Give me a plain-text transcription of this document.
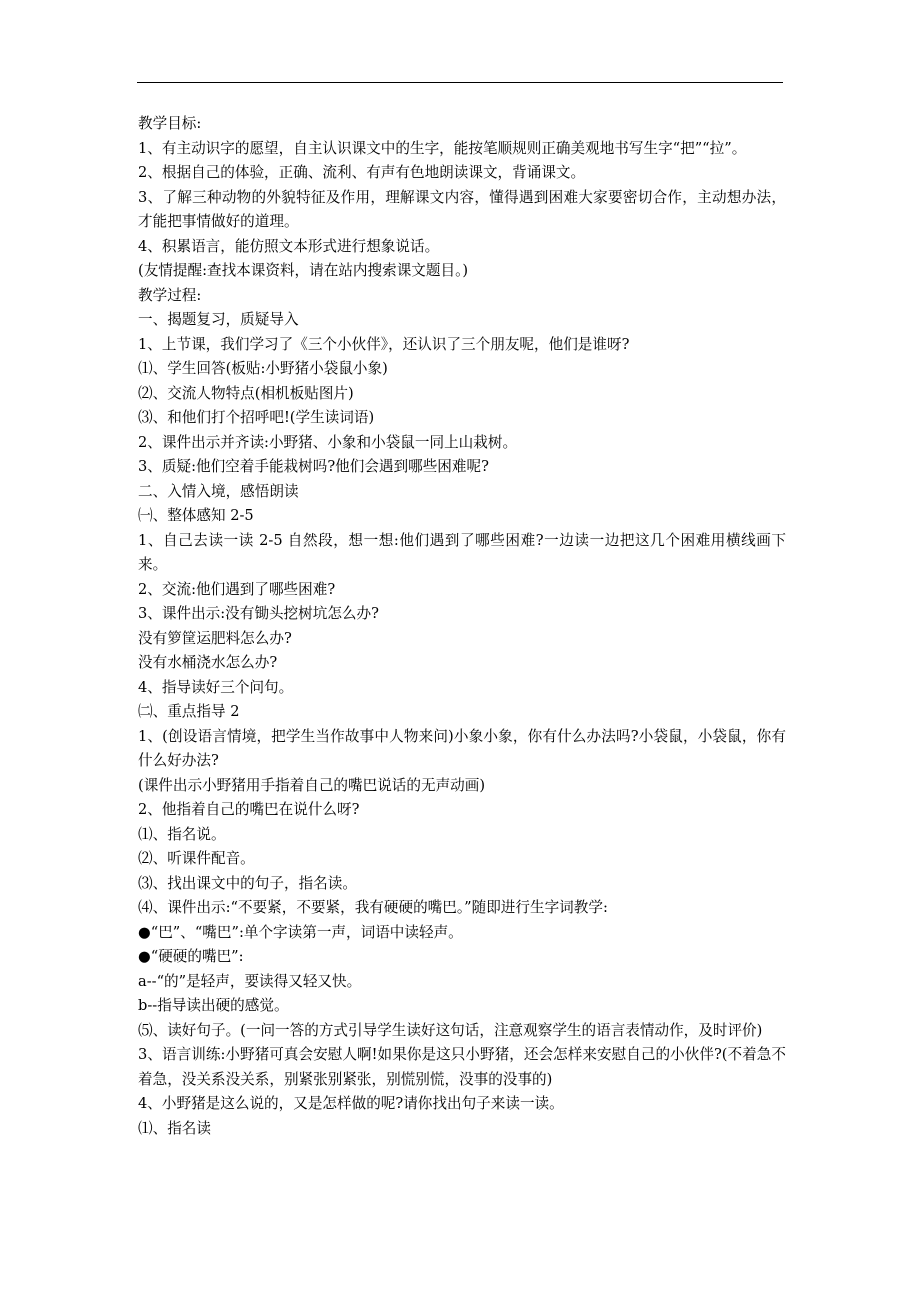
教学目标:

1、有主动识字的愿望，自主认识课文中的生字，能按笔顺规则正确美观地书写生字“把”“拉”。

2、根据自己的体验，正确、流利、有声有色地朗读课文，背诵课文。

3、了解三种动物的外貌特征及作用，理解课文内容，懂得遇到困难大家要密切合作，主动想办法，才能把事情做好的道理。

4、积累语言，能仿照文本形式进行想象说话。

(友情提醒:查找本课资料，请在站内搜索课文题目。)

教学过程:

一、揭题复习，质疑导入

1、上节课，我们学习了《三个小伙伴》，还认识了三个朋友呢，他们是谁呀?

⑴、学生回答(板贴:小野猪小袋鼠小象)

⑵、交流人物特点(相机板贴图片)

⑶、和他们打个招呼吧!(学生读词语)

2、课件出示并齐读:小野猪、小象和小袋鼠一同上山栽树。

3、质疑:他们空着手能栽树吗?他们会遇到哪些困难呢?

二、入情入境，感悟朗读

㈠、整体感知 2-5

1、自己去读一读 2-5 自然段，想一想:他们遇到了哪些困难?一边读一边把这几个困难用横线画下来。

2、交流:他们遇到了哪些困难?

3、课件出示:没有锄头挖树坑怎么办?

没有箩筐运肥料怎么办?

没有水桶浇水怎么办?

4、指导读好三个问句。

㈡、重点指导 2

1、(创设语言情境，把学生当作故事中人物来问)小象小象，你有什么办法吗?小袋鼠，小袋鼠，你有什么好办法?

(课件出示小野猪用手指着自己的嘴巴说话的无声动画)

2、他指着自己的嘴巴在说什么呀?

⑴、指名说。

⑵、听课件配音。

⑶、找出课文中的句子，指名读。

⑷、课件出示:“不要紧，不要紧，我有硬硬的嘴巴。”随即进行生字词教学:

●“巴”、“嘴巴”:单个字读第一声，词语中读轻声。

●“硬硬的嘴巴”:

a--“的”是轻声，要读得又轻又快。

b--指导读出硬的感觉。

⑸、读好句子。(一问一答的方式引导学生读好这句话，注意观察学生的语言表情动作，及时评价)

3、语言训练:小野猪可真会安慰人啊!如果你是这只小野猪，还会怎样来安慰自己的小伙伴?(不着急不着急，没关系没关系，别紧张别紧张，别慌别慌，没事的没事的)

4、小野猪是这么说的，又是怎样做的呢?请你找出句子来读一读。

⑴、指名读
